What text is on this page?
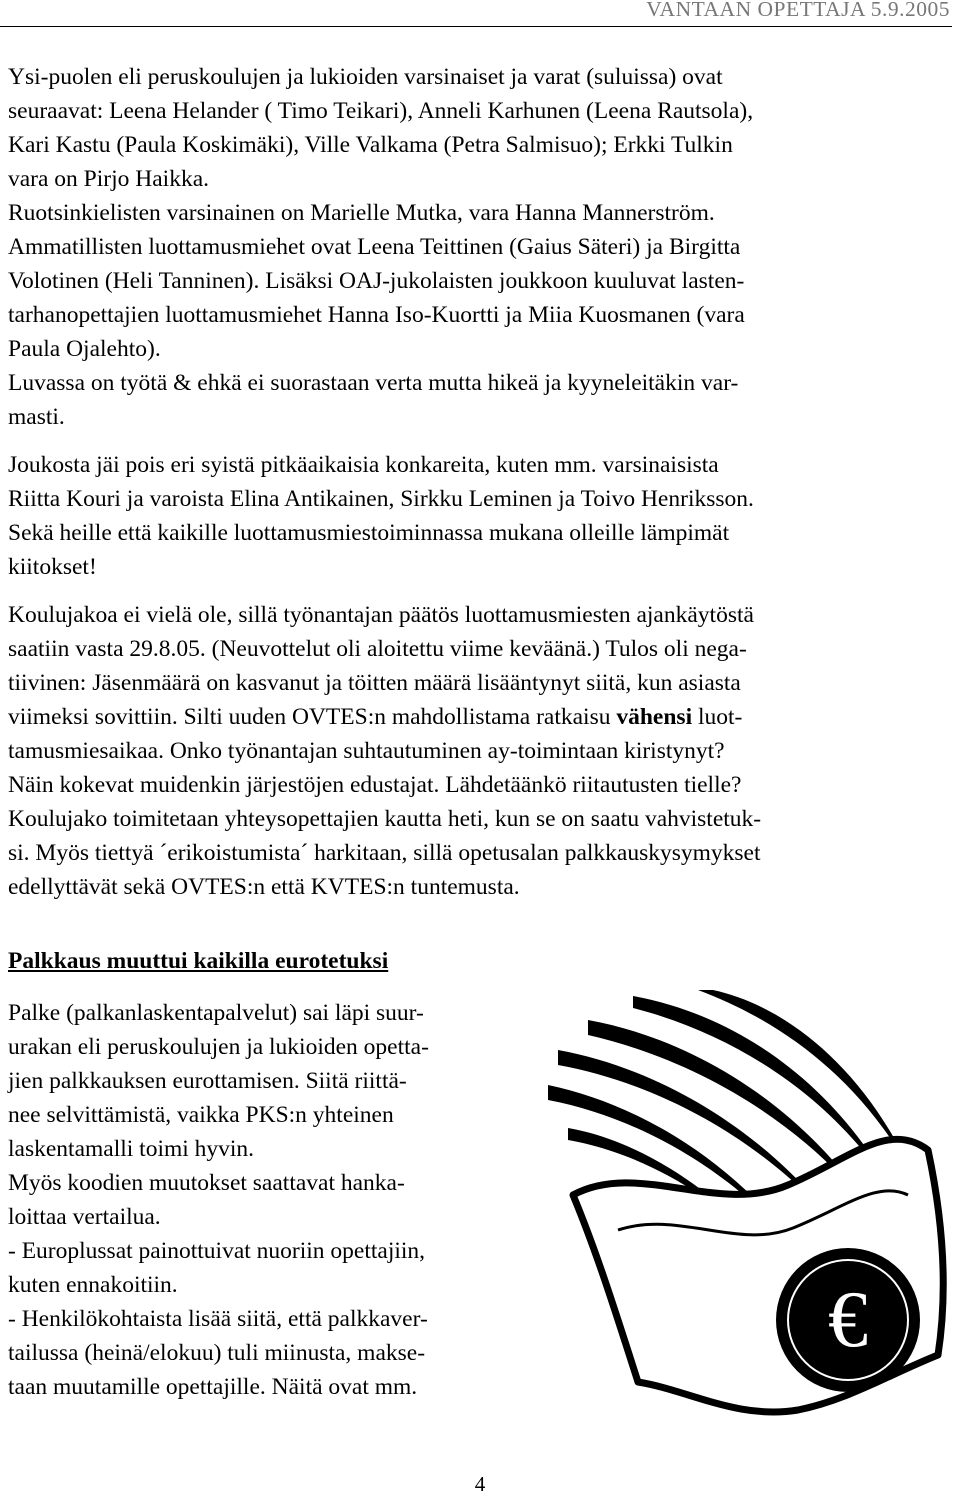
VANTAAN OPETTAJA 5.9.2005

Ysi-puolen eli peruskoulujen ja lukioiden varsinaiset ja varat (suluissa) ovat
seuraavat: Leena Helander ( Timo Teikari), Anneli Karhunen (Leena Rautsola),
Kari Kastu (Paula Koskimäki), Ville Valkama (Petra Salmisuo); Erkki Tulkin
vara on Pirjo Haikka.
Ruotsinkielisten varsinainen on Marielle Mutka, vara Hanna Mannerström.
Ammatillisten luottamusmiehet ovat Leena Teittinen (Gaius Säteri) ja Birgitta
Volotinen (Heli Tanninen). Lisäksi OAJ-jukolaisten joukkoon kuuluvat lasten-
tarhanopettajien luottamusmiehet Hanna Iso-Kuortti ja Miia Kuosmanen (vara
Paula Ojalehto).
Luvassa on työtä & ehkä ei suorastaan verta mutta hikeä ja kyyneleitäkin var-
masti.

Joukosta jäi pois eri syistä pitkäaikaisia konkareita, kuten mm. varsinaisista
Riitta Kouri ja varoista Elina Antikainen, Sirkku Leminen ja Toivo Henriksson.
Sekä heille että kaikille luottamusmiestoiminnassa mukana olleille lämpimät
kiitokset!

Koulujakoa ei vielä ole, sillä työnantajan päätös luottamusmiesten ajankäytöstä
saatiin vasta 29.8.05. (Neuvottelut oli aloitettu viime keväänä.) Tulos oli nega-
tiivinen: Jäsenmäärä on kasvanut ja töitten määrä lisääntynyt siitä, kun asiasta
viimeksi sovittiin. Silti uuden OVTES:n mahdollistama ratkaisu vähensi luot-
tamusmiesaikaa. Onko työnantajan suhtautuminen ay-toimintaan kiristynyt?
Näin kokevat muidenkin järjestöjen edustajat. Lähdetäänkö riitautusten tielle?
Koulujako toimitetaan yhteysopettajien kautta heti, kun se on saatu vahvistetuk-
si. Myös tiettyä ´erikoistumista´ harkitaan, sillä opetusalan palkkauskysymykset
edellyttävät sekä OVTES:n että KVTES:n tuntemusta.

Palkkaus muuttui kaikilla eurotetuksi

Palke (palkanlaskentapalvelut) sai läpi suur-
urakan eli peruskoulujen ja lukioiden opetta-
jien palkkauksen eurottamisen. Siitä riittä-
nee selvittämistä, vaikka PKS:n yhteinen
laskentamalli toimi hyvin.
Myös koodien muutokset saattavat hanka-
loittaa vertailua.
- Europlussat painottuivat nuoriin opettajiin,
kuten ennakoitiin.
- Henkilökohtaista lisää siitä, että palkkaver-
tailussa (heinä/elokuu) tuli miinusta, makse-
taan muutamille opettajille. Näitä ovat mm.

€
4
